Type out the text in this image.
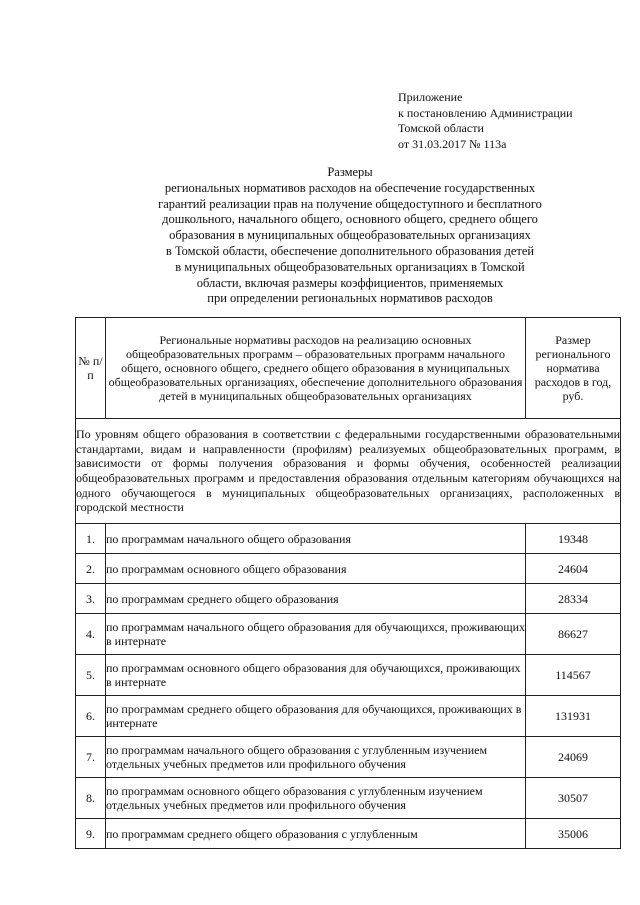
Приложение
к постановлению Администрации
Томской области
от 31.03.2017 № 113а
Размеры
региональных нормативов расходов на обеспечение государственных
гарантий реализации прав на получение общедоступного и бесплатного
дошкольного, начального общего, основного общего, среднего общего
образования в муниципальных общеобразовательных организациях
в Томской области, обеспечение дополнительного образования детей
в муниципальных общеобразовательных организациях в Томской
области, включая размеры коэффициентов, применяемых
при определении региональных нормативов расходов
№ п/п	Региональные нормативы расходов на реализацию основных общеобразовательных программ – образовательных программ начального общего, основного общего, среднего общего образования в муниципальных общеобразовательных организациях, обеспечение дополнительного образования детей в муниципальных общеобразовательных организациях	Размер регионального норматива расходов в год, руб.
По уровням общего образования в соответствии с федеральными государственными образовательными стандартами, видам и направленности (профилям) реализуемых общеобразовательных программ, в зависимости от формы получения образования и формы обучения, особенностей реализации общеобразовательных программ и предоставления образования отдельным категориям обучающихся на одного обучающегося в муниципальных общеобразовательных организациях, расположенных в городской местности		
1.	по программам начального общего образования	19348
2.	по программам основного общего образования	24604
3.	по программам среднего общего образования	28334
4.	по программам начального общего образования для обучающихся, проживающих в интернате	86627
5.	по программам основного общего образования для обучающихся, проживающих в интернате	114567
6.	по программам среднего общего образования для обучающихся, проживающих в интернате	131931
7.	по программам начального общего образования с углубленным изучением отдельных учебных предметов или профильного обучения	24069
8.	по программам основного общего образования с углубленным изучением отдельных учебных предметов или профильного обучения	30507
9.	по программам среднего общего образования с углубленным	35006
